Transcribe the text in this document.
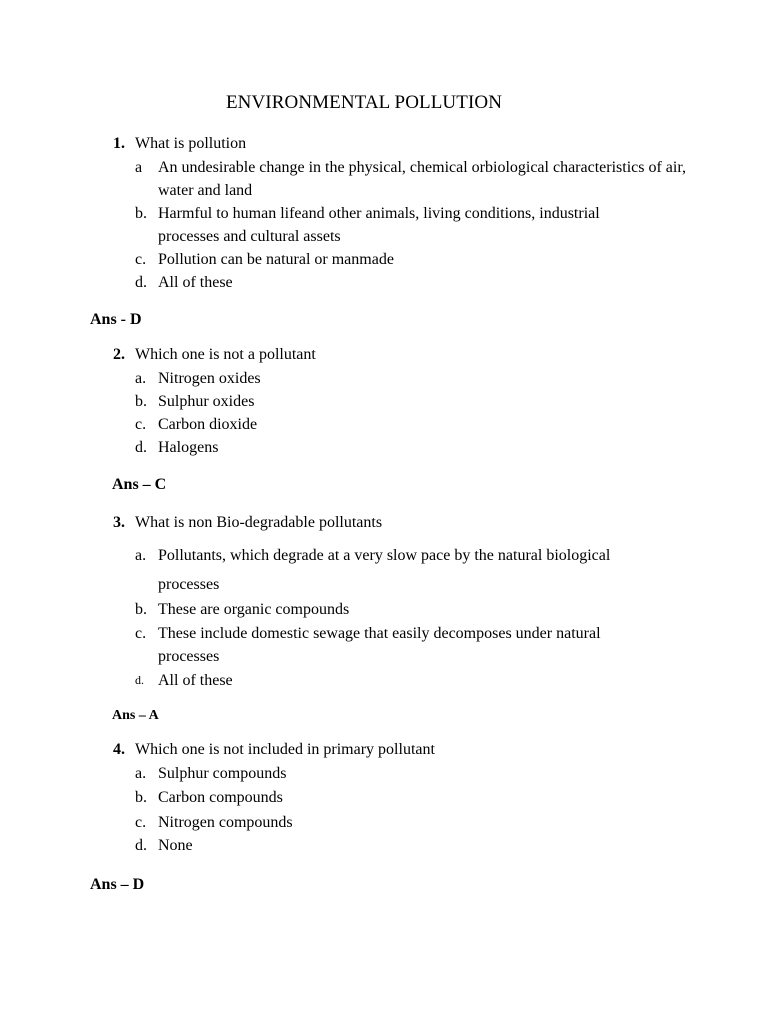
ENVIRONMENTAL POLLUTION
1. What is pollution
a An undesirable change in the physical, chemical orbiological characteristics of air, water and land
b. Harmful to human lifeand other animals, living conditions, industrial processes and cultural assets
c. Pollution can be natural or manmade
d. All of these
Ans - D
2. Which one is not a pollutant
a. Nitrogen oxides
b. Sulphur oxides
c. Carbon dioxide
d. Halogens
Ans – C
3. What is non Bio-degradable pollutants
a. Pollutants, which degrade at a very slow pace by the natural biological processes
b. These are organic compounds
c. These include domestic sewage that easily decomposes under natural processes
d. All of these
Ans – A
4. Which one is not included in primary pollutant
a. Sulphur compounds
b. Carbon compounds
c. Nitrogen compounds
d. None
Ans – D
